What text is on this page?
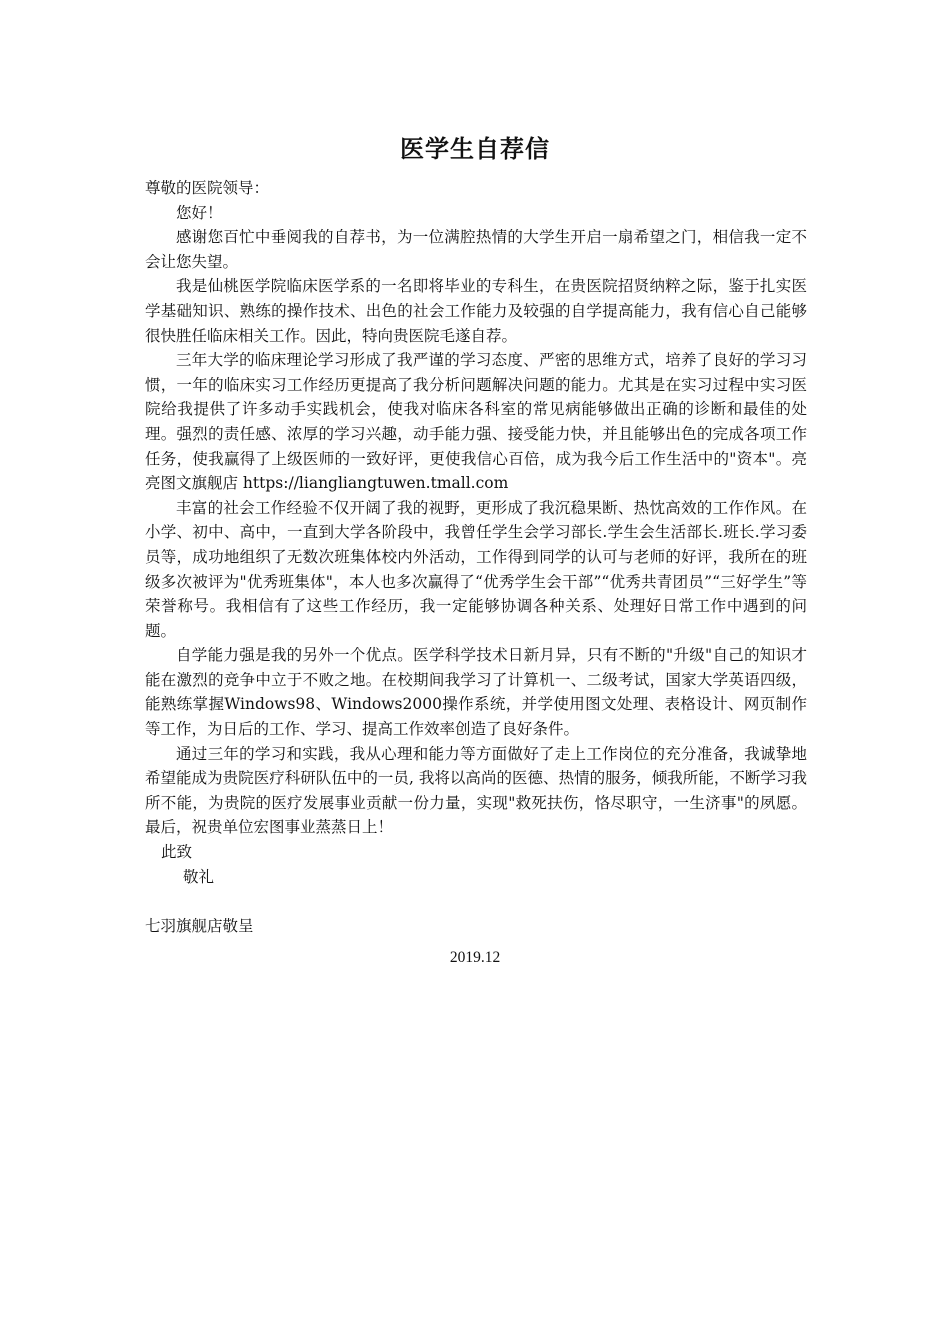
医学生自荐信

尊敬的医院领导：

您好！

感谢您百忙中垂阅我的自荐书，为一位满腔热情的大学生开启一扇希望之门，相信我一定不会让您失望。

我是仙桃医学院临床医学系的一名即将毕业的专科生，在贵医院招贤纳粹之际，鉴于扎实医学基础知识、熟练的操作技术、出色的社会工作能力及较强的自学提高能力，我有信心自己能够很快胜任临床相关工作。因此，特向贵医院毛遂自荐。

三年大学的临床理论学习形成了我严谨的学习态度、严密的思维方式，培养了良好的学习习惯，一年的临床实习工作经历更提高了我分析问题解决问题的能力。尤其是在实习过程中实习医院给我提供了许多动手实践机会，使我对临床各科室的常见病能够做出正确的诊断和最佳的处理。强烈的责任感、浓厚的学习兴趣，动手能力强、接受能力快，并且能够出色的完成各项工作任务，使我赢得了上级医师的一致好评，更使我信心百倍，成为我今后工作生活中的"资本"。亮亮图文旗舰店 https://liangliangtuwen.tmall.com

丰富的社会工作经验不仅开阔了我的视野，更形成了我沉稳果断、热忱高效的工作作风。在小学、初中、高中，一直到大学各阶段中，我曾任学生会学习部长.学生会生活部长.班长.学习委员等，成功地组织了无数次班集体校内外活动，工作得到同学的认可与老师的好评，我所在的班级多次被评为"优秀班集体"，本人也多次赢得了“优秀学生会干部”“优秀共青团员”“三好学生”等荣誉称号。我相信有了这些工作经历，我一定能够协调各种关系、处理好日常工作中遇到的问题。

自学能力强是我的另外一个优点。医学科学技术日新月异，只有不断的"升级"自己的知识才能在激烈的竞争中立于不败之地。在校期间我学习了计算机一、二级考试，国家大学英语四级，能熟练掌握Windows98、Windows2000操作系统，并学使用图文处理、表格设计、网页制作等工作，为日后的工作、学习、提高工作效率创造了良好条件。

通过三年的学习和实践，我从心理和能力等方面做好了走上工作岗位的充分准备，我诚挚地希望能成为贵院医疗科研队伍中的一员, 我将以高尚的医德、热情的服务，倾我所能，不断学习我所不能，为贵院的医疗发展事业贡献一份力量，实现"救死扶伤，恪尽职守，一生济事"的夙愿。最后，祝贵单位宏图事业蒸蒸日上！

此致

敬礼

七羽旗舰店敬呈

2019.12
